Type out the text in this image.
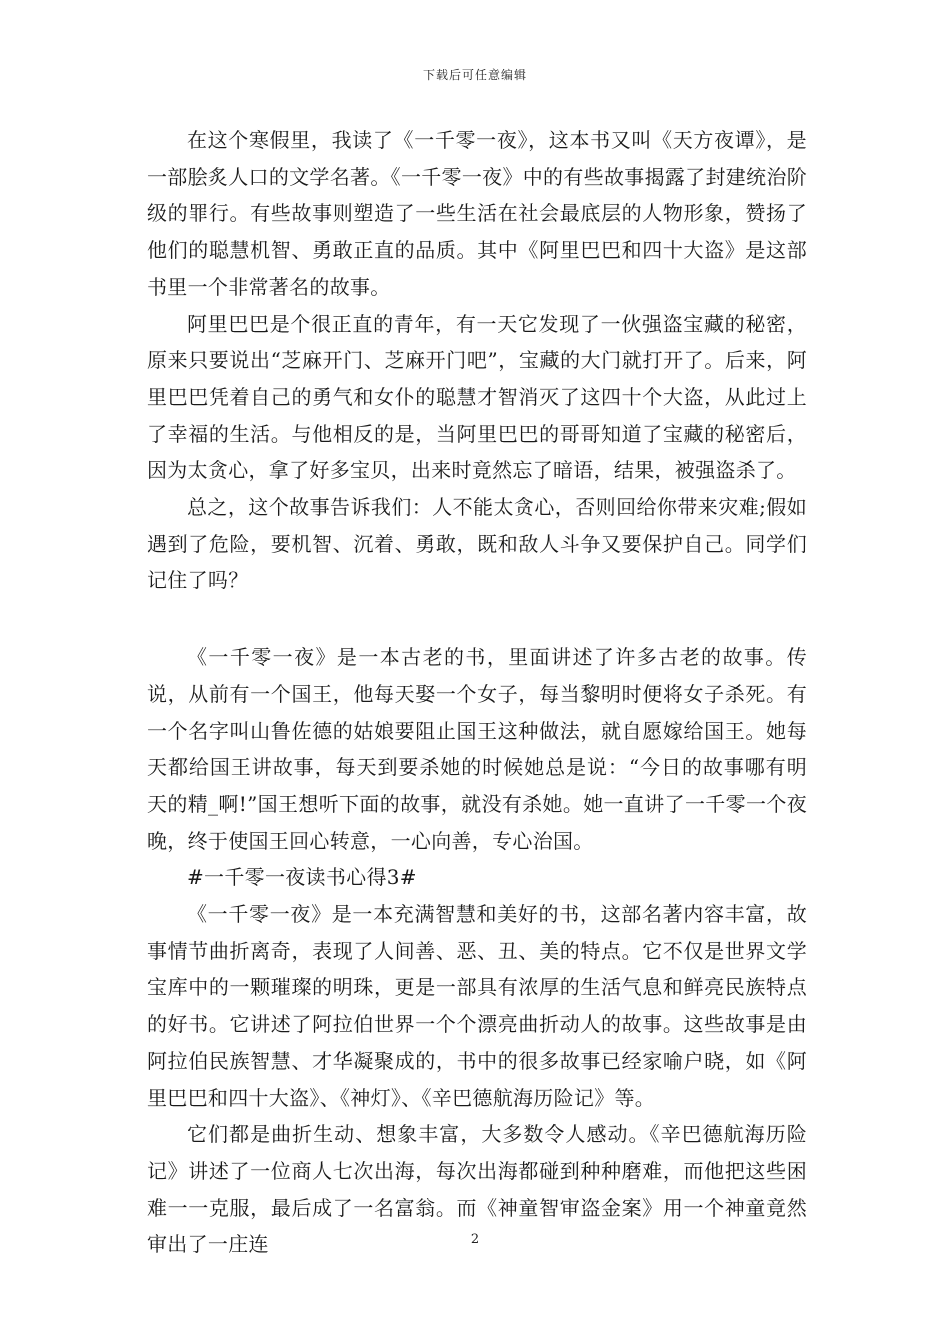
下载后可任意编辑

在这个寒假里，我读了《一千零一夜》，这本书又叫《天方夜谭》，是一部脍炙人口的文学名著。《一千零一夜》中的有些故事揭露了封建统治阶级的罪行。有些故事则塑造了一些生活在社会最底层的人物形象，赞扬了他们的聪慧机智、勇敢正直的品质。其中《阿里巴巴和四十大盗》是这部书里一个非常著名的故事。

阿里巴巴是个很正直的青年，有一天它发现了一伙强盗宝藏的秘密，原来只要说出“芝麻开门、芝麻开门吧”，宝藏的大门就打开了。后来，阿里巴巴凭着自己的勇气和女仆的聪慧才智消灭了这四十个大盗，从此过上了幸福的生活。与他相反的是，当阿里巴巴的哥哥知道了宝藏的秘密后，因为太贪心，拿了好多宝贝，出来时竟然忘了暗语，结果，被强盗杀了。

总之，这个故事告诉我们：人不能太贪心，否则回给你带来灾难;假如遇到了危险，要机智、沉着、勇敢，既和敌人斗争又要保护自己。同学们记住了吗？

《一千零一夜》是一本古老的书，里面讲述了许多古老的故事。传说，从前有一个国王，他每天娶一个女子，每当黎明时便将女子杀死。有一个名字叫山鲁佐德的姑娘要阻止国王这种做法，就自愿嫁给国王。她每天都给国王讲故事，每天到要杀她的时候她总是说：“今日的故事哪有明天的精_啊!”国王想听下面的故事，就没有杀她。她一直讲了一千零一个夜晚，终于使国王回心转意，一心向善，专心治国。

#一千零一夜读书心得3#

《一千零一夜》是一本充满智慧和美好的书，这部名著内容丰富，故事情节曲折离奇，表现了人间善、恶、丑、美的特点。它不仅是世界文学宝库中的一颗璀璨的明珠，更是一部具有浓厚的生活气息和鲜亮民族特点的好书。它讲述了阿拉伯世界一个个漂亮曲折动人的故事。这些故事是由阿拉伯民族智慧、才华凝聚成的，书中的很多故事已经家喻户晓，如《阿里巴巴和四十大盗》、《神灯》、《辛巴德航海历险记》等。

它们都是曲折生动、想象丰富，大多数令人感动。《辛巴德航海历险记》讲述了一位商人七次出海，每次出海都碰到种种磨难，而他把这些困难一一克服，最后成了一名富翁。而《神童智审盗金案》用一个神童竟然审出了一庄连	2
